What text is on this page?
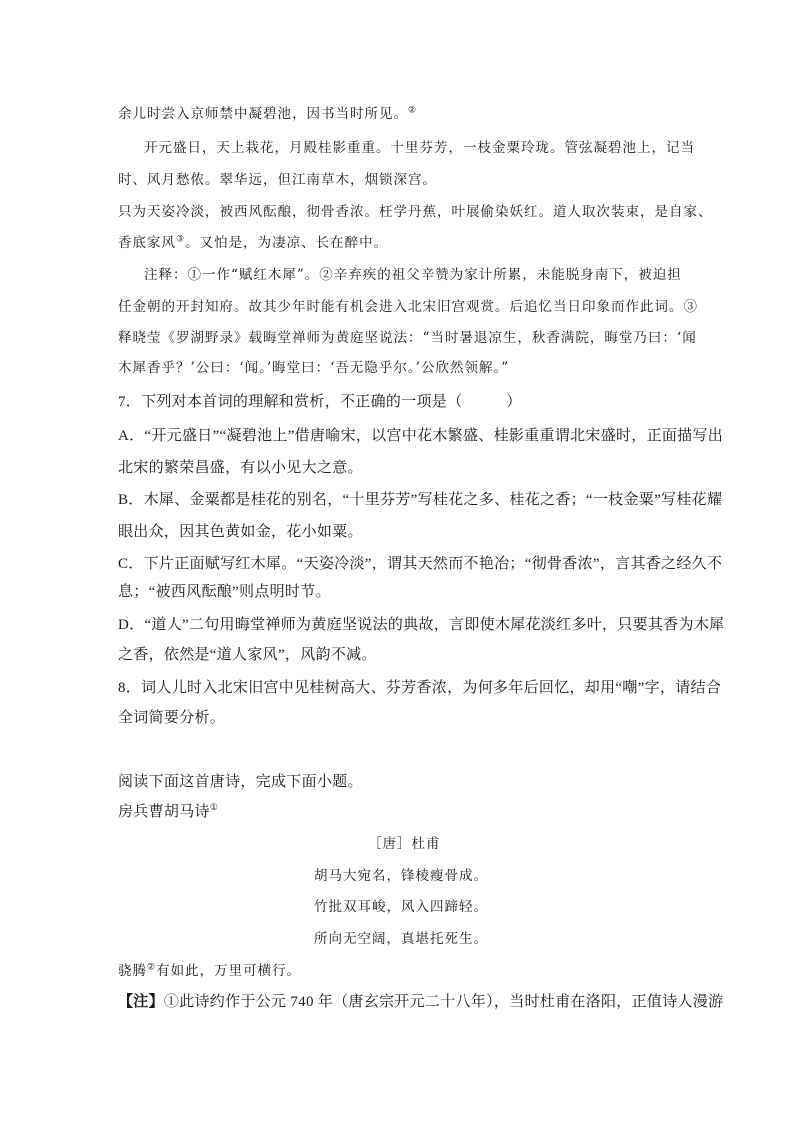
余儿时尝入京师禁中凝碧池，因书当时所见。②
开元盛日，天上栽花，月殿桂影重重。十里芬芳，一枝金粟玲珑。管弦凝碧池上，记当
时、风月愁侬。翠华远，但江南草木，烟锁深宫。
只为天姿冷淡，被西风酝酿，彻骨香浓。枉学丹蕉，叶展偷染妖红。道人取次装束，是自家、
香底家风③。又怕是，为凄凉、长在醉中。
注释：①一作“赋红木犀”。②辛弃疾的祖父辛赞为家计所累，未能脱身南下，被迫担
任金朝的开封知府。故其少年时能有机会进入北宋旧宫观赏。后追忆当日印象而作此词。③
释晓莹《罗湖野录》载晦堂禅师为黄庭坚说法：“当时暑退凉生，秋香满院，晦堂乃曰：‘闻
木犀香乎？’公曰：‘闻。’晦堂曰：‘吾无隐乎尔。’公欣然领解。”
7．下列对本首词的理解和赏析，不正确的一项是（	）
A．“开元盛日”“凝碧池上”借唐喻宋，以宫中花木繁盛、桂影重重谓北宋盛时，正面描写出
北宋的繁荣昌盛，有以小见大之意。
B．木犀、金粟都是桂花的别名，“十里芬芳”写桂花之多、桂花之香；“一枝金粟”写桂花耀
眼出众，因其色黄如金，花小如粟。
C．下片正面赋写红木犀。“天姿冷淡”，谓其天然而不艳冶；“彻骨香浓”，言其香之经久不
息；“被西风酝酿”则点明时节。
D．“道人”二句用晦堂禅师为黄庭坚说法的典故，言即使木犀花淡红多叶，只要其香为木犀
之香，依然是“道人家风”，风韵不减。
8．词人儿时入北宋旧宫中见桂树高大、芬芳香浓，为何多年后回忆，却用“嘲”字，请结合
全词简要分析。
阅读下面这首唐诗，完成下面小题。
房兵曹胡马诗①
［唐］杜甫
胡马大宛名，锋棱瘦骨成。
竹批双耳峻，风入四蹄轻。
所向无空阔，真堪托死生。
骁腾②有如此，万里可横行。
【注】①此诗约作于公元 740 年（唐玄宗开元二十八年），当时杜甫在洛阳，正值诗人漫游
